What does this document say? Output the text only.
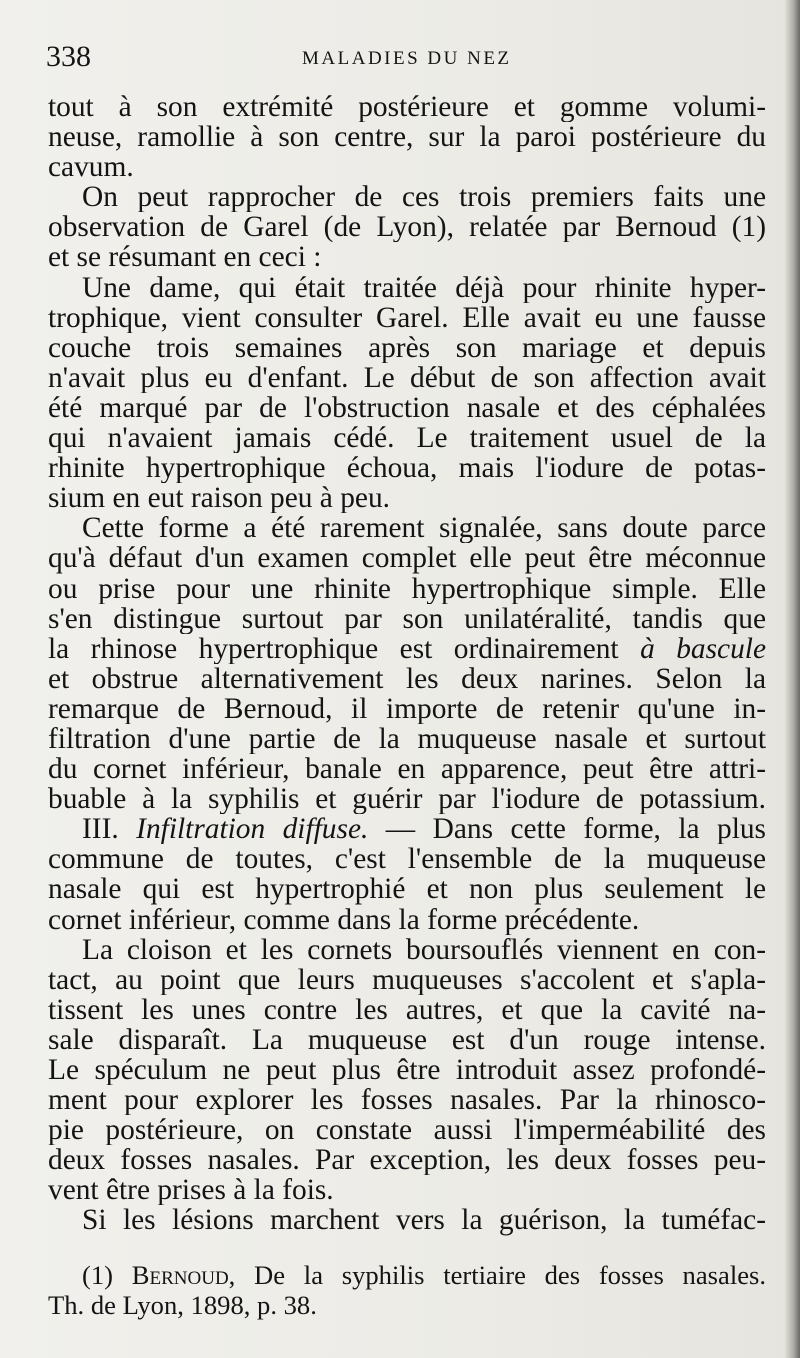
338	MALADIES DU NEZ
tout à son extrémité postérieure et gomme volumi-
neuse, ramollie à son centre, sur la paroi postérieure du
cavum.
On peut rapprocher de ces trois premiers faits une
observation de Garel (de Lyon), relatée par Bernoud (1)
et se résumant en ceci :
Une dame, qui était traitée déjà pour rhinite hyper-
trophique, vient consulter Garel. Elle avait eu une fausse
couche trois semaines après son mariage et depuis
n'avait plus eu d'enfant. Le début de son affection avait
été marqué par de l'obstruction nasale et des céphalées
qui n'avaient jamais cédé. Le traitement usuel de la
rhinite hypertrophique échoua, mais l'iodure de potas-
sium en eut raison peu à peu.
Cette forme a été rarement signalée, sans doute parce
qu'à défaut d'un examen complet elle peut être méconnue
ou prise pour une rhinite hypertrophique simple. Elle
s'en distingue surtout par son unilatéralité, tandis que
la rhinose hypertrophique est ordinairement à bascule
et obstrue alternativement les deux narines. Selon la
remarque de Bernoud, il importe de retenir qu'une in-
filtration d'une partie de la muqueuse nasale et surtout
du cornet inférieur, banale en apparence, peut être attri-
buable à la syphilis et guérir par l'iodure de potassium.
III. Infiltration diffuse. — Dans cette forme, la plus
commune de toutes, c'est l'ensemble de la muqueuse
nasale qui est hypertrophié et non plus seulement le
cornet inférieur, comme dans la forme précédente.
La cloison et les cornets boursouflés viennent en con-
tact, au point que leurs muqueuses s'accolent et s'apla-
tissent les unes contre les autres, et que la cavité na-
sale disparaît. La muqueuse est d'un rouge intense.
Le spéculum ne peut plus être introduit assez profondé-
ment pour explorer les fosses nasales. Par la rhinosco-
pie postérieure, on constate aussi l'imperméabilité des
deux fosses nasales. Par exception, les deux fosses peu-
vent être prises à la fois.
Si les lésions marchent vers la guérison, la tuméfac-
(1) Bernoud, De la syphilis tertiaire des fosses nasales.
Th. de Lyon, 1898, p. 38.
